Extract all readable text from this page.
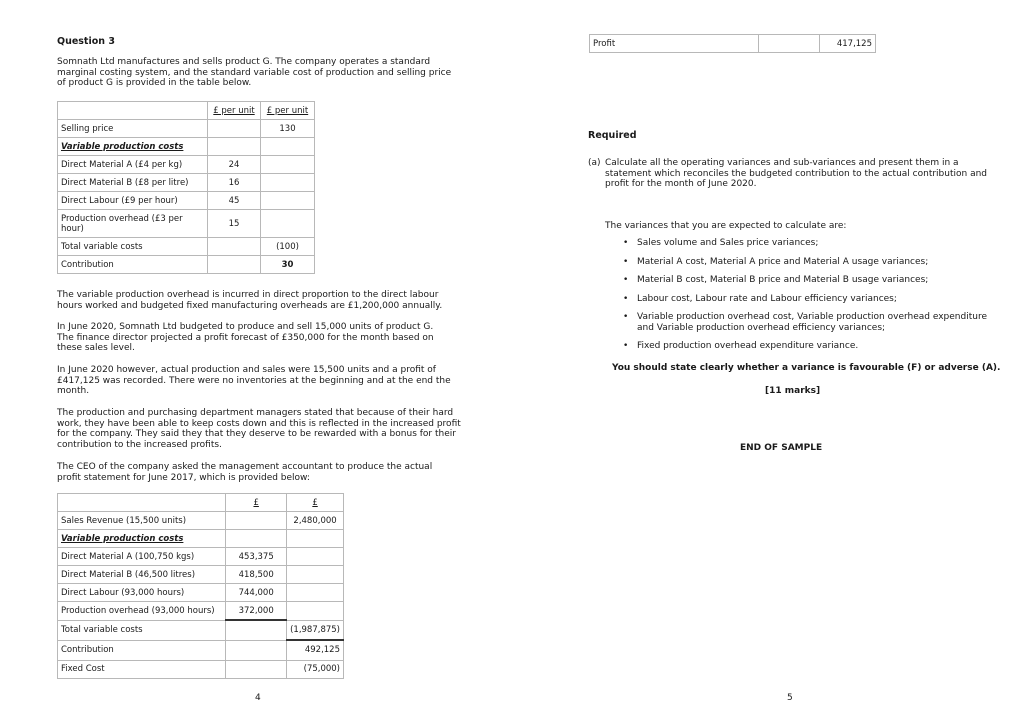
Question 3
Somnath Ltd manufactures and sells product G. The company operates a standard marginal costing system, and the standard variable cost of production and selling price of product G is provided in the table below.
	£ per unit	£ per unit
Selling price		130
Variable production costs		
Direct Material A (£4 per kg)	24	
Direct Material B (£8 per litre)	16	
Direct Labour (£9 per hour)	45	
Production overhead (£3 per hour)	15	
Total variable costs		(100)
Contribution		30
The variable production overhead is incurred in direct proportion to the direct labour hours worked and budgeted fixed manufacturing overheads are £1,200,000 annually.
In June 2020, Somnath Ltd budgeted to produce and sell 15,000 units of product G. The finance director projected a profit forecast of £350,000 for the month based on these sales level.
In June 2020 however, actual production and sales were 15,500 units and a profit of £417,125 was recorded. There were no inventories at the beginning and at the end the month.
The production and purchasing department managers stated that because of their hard work, they have been able to keep costs down and this is reflected in the increased profit for the company. They said they that they deserve to be rewarded with a bonus for their contribution to the increased profits.
The CEO of the company asked the management accountant to produce the actual profit statement for June 2017, which is provided below:
	£	£
Sales Revenue (15,500 units)		2,480,000
Variable production costs		
Direct Material A (100,750 kgs)	453,375	
Direct Material B (46,500 litres)	418,500	
Direct Labour (93,000 hours)	744,000	
Production overhead (93,000 hours)	372,000	
Total variable costs		(1,987,875)
Contribution		492,125
Fixed Cost		(75,000)
4
Profit		417,125
Required
(a) Calculate all the operating variances and sub-variances and present them in a statement which reconciles the budgeted contribution to the actual contribution and profit for the month of June 2020.
The variances that you are expected to calculate are:
• Sales volume and Sales price variances;
• Material A cost, Material A price and Material A usage variances;
• Material B cost, Material B price and Material B usage variances;
• Labour cost, Labour rate and Labour efficiency variances;
• Variable production overhead cost, Variable production overhead expenditure and Variable production overhead efficiency variances;
• Fixed production overhead expenditure variance.
You should state clearly whether a variance is favourable (F) or adverse (A).
[11 marks]
END OF SAMPLE
5
